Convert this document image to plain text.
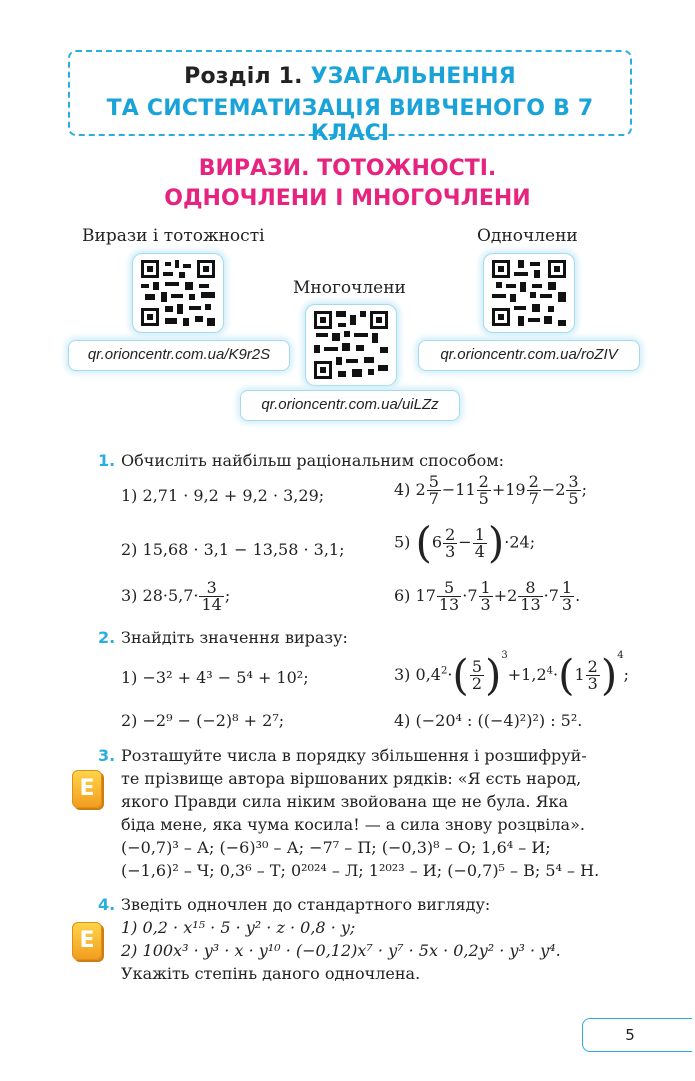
Розділ 1. УЗАГАЛЬНЕННЯ
ТА СИСТЕМАТИЗАЦІЯ ВИВЧЕНОГО В 7 КЛАСІ
ВИРАЗИ. ТОТОЖНОСТІ.
ОДНОЧЛЕНИ І МНОГОЧЛЕНИ
Вирази і тотожності
qr.orioncentr.com.ua/K9r2S
Многочлени
qr.orioncentr.com.ua/uiLZz
Одночлени
qr.orioncentr.com.ua/roZIV
1. Обчисліть найбільш раціональним способом:
1) 2,71 · 9,2 + 9,2 · 3,29;
2) 15,68 · 3,1 − 13,58 · 3,1;
3) $28\cdot 5,7\cdot \frac{3}{14}$ ;
4) $2 \frac{5}{7} -11 \frac{2}{5} +19 \frac{2}{7} -2 \frac{3}{5}$ ;
5) $(6 \frac{2}{3} - \frac{1}{4} )\cdot 24$;
6) $17 \frac{5}{13} \cdot 7 \frac{1}{3} +2 \frac{8}{13} \cdot 7 \frac{1}{3}$ .
2. Знайдіть значення виразу:
1) −3² + 4³ − 5⁴ + 10²;
2) −2⁹ − (−2)⁸ + 2⁷;
3) $0,4^2\cdot( \frac{5}{2} )^3+1,2^4\cdot(1 \frac{2}{3} )^4$;
4) (−20⁴ : ((−4)²)²) : 5².
3.
E
Розташуйте числа в порядку збільшення і розшифруй-
те прізвище автора віршованих рядків: «Я єсть народ,
якого Правди сила ніким звойована ще не була. Яка
біда мене, яка чума косила! — а сила знову розцвіла».
(−0,7)³ – А; (−6)³⁰ – А; −7⁷ – П; (−0,3)⁸ – О; 1,6⁴ – И;
(−1,6)² – Ч; 0,3⁶ – Т; 0²⁰²⁴ – Л; 1²⁰²³ – И; (−0,7)⁵ – В; 5⁴ – Н.
4.
E
Зведіть одночлен до стандартного вигляду:
1) 0,2 · x¹⁵ · 5 · y² · z · 0,8 · y;
2) 100x³ · y³ · x · y¹⁰ · (−0,12)x⁷ · y⁷ · 5x · 0,2y² · y³ · y⁴.
Укажіть степінь даного одночлена.
5
